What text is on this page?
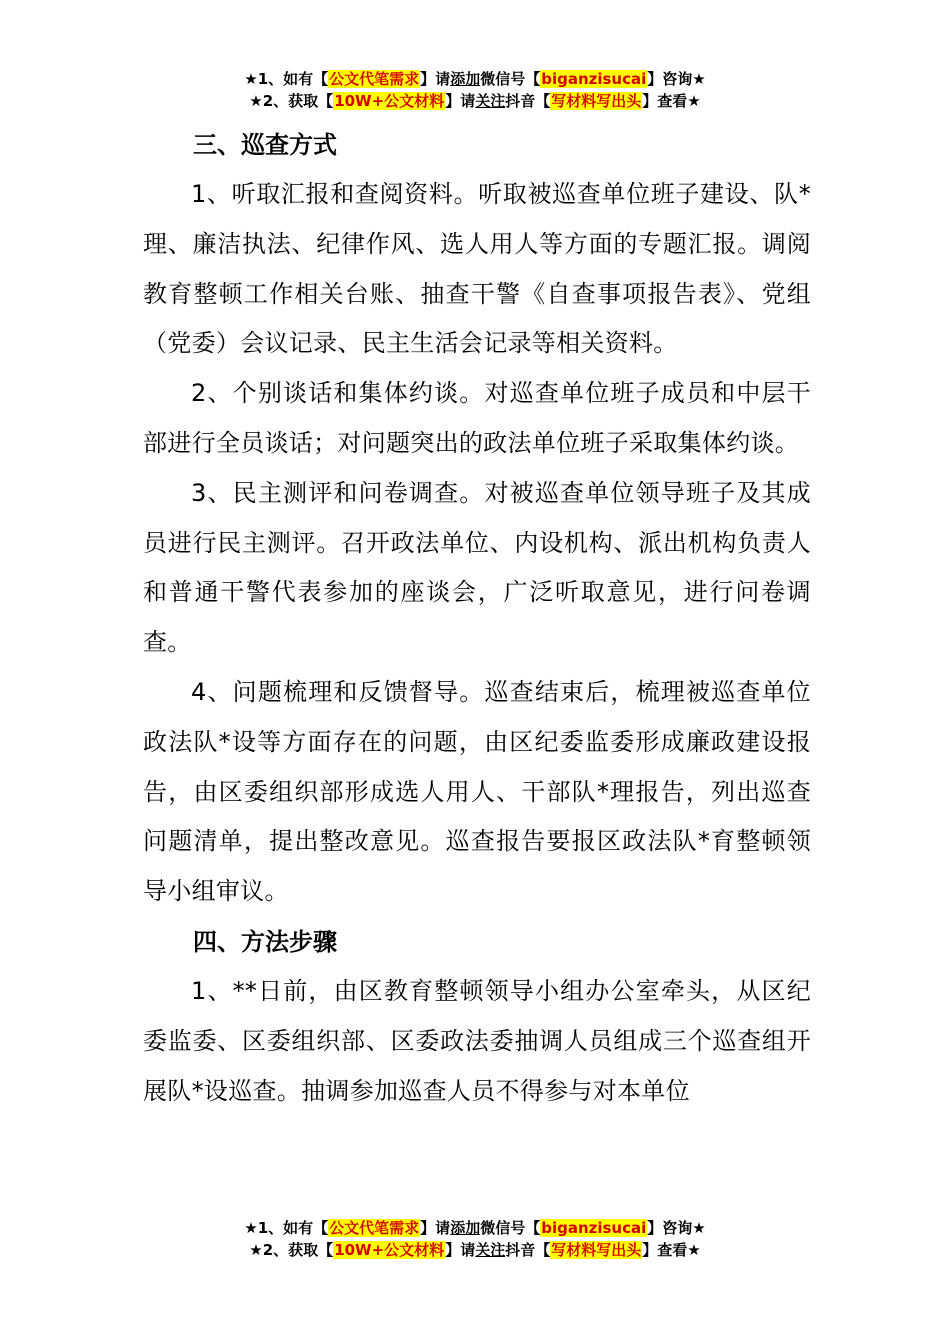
★1、如有【公文代笔需求】请添加微信号【biganzisucai】咨询★
★2、获取【10W+公文材料】请关注抖音【写材料写出头】查看★

三、巡查方式

1、听取汇报和查阅资料。听取被巡查单位班子建设、队*理、廉洁执法、纪律作风、选人用人等方面的专题汇报。调阅教育整顿工作相关台账、抽查干警《自查事项报告表》、党组（党委）会议记录、民主生活会记录等相关资料。

2、个别谈话和集体约谈。对巡查单位班子成员和中层干部进行全员谈话；对问题突出的政法单位班子采取集体约谈。

3、民主测评和问卷调查。对被巡查单位领导班子及其成员进行民主测评。召开政法单位、内设机构、派出机构负责人和普通干警代表参加的座谈会，广泛听取意见，进行问卷调查。

4、问题梳理和反馈督导。巡查结束后，梳理被巡查单位政法队*设等方面存在的问题，由区纪委监委形成廉政建设报告，由区委组织部形成选人用人、干部队*理报告，列出巡查问题清单，提出整改意见。巡查报告要报区政法队*育整顿领导小组审议。

四、方法步骤

1、**日前，由区教育整顿领导小组办公室牵头，从区纪委监委、区委组织部、区委政法委抽调人员组成三个巡查组开展队*设巡查。抽调参加巡查人员不得参与对本单位

★1、如有【公文代笔需求】请添加微信号【biganzisucai】咨询★
★2、获取【10W+公文材料】请关注抖音【写材料写出头】查看★
